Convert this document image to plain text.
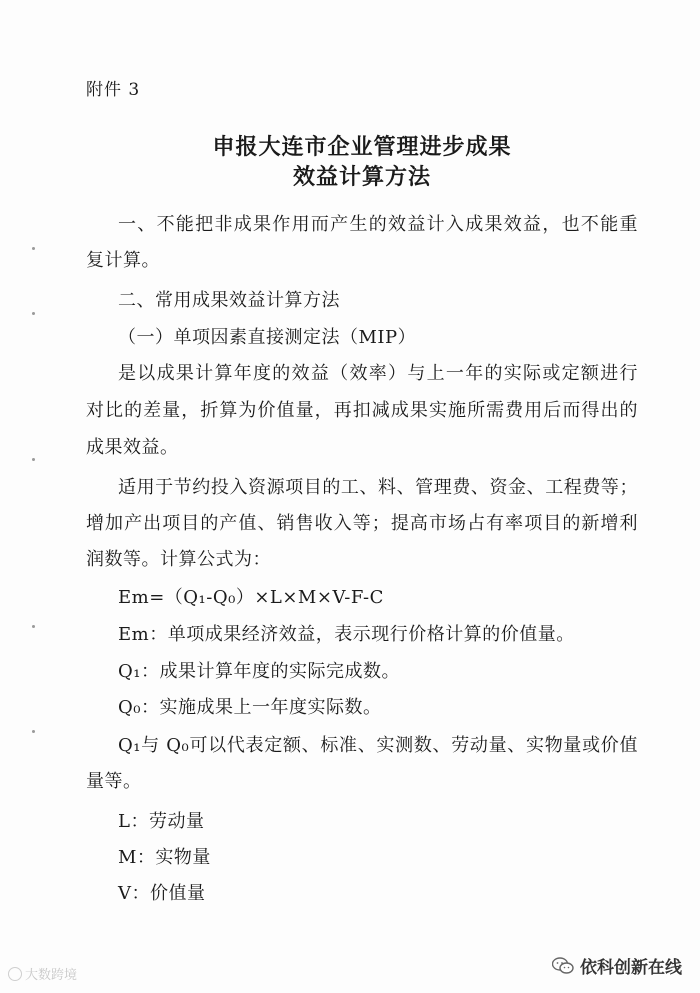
附件 3
申报大连市企业管理进步成果
效益计算方法
一、不能把非成果作用而产生的效益计入成果效益，也不能重
复计算。
二、常用成果效益计算方法
（一）单项因素直接测定法（MIP）
是以成果计算年度的效益（效率）与上一年的实际或定额进行
对比的差量，折算为价值量，再扣减成果实施所需费用后而得出的
成果效益。
适用于节约投入资源项目的工、料、管理费、资金、工程费等；
增加产出项目的产值、销售收入等；提高市场占有率项目的新增利
润数等。计算公式为：
Em=（Q₁-Q₀）×L×M×V-F-C
Em：单项成果经济效益，表示现行价格计算的价值量。
Q₁：成果计算年度的实际完成数。
Q₀：实施成果上一年度实际数。
Q₁与 Q₀可以代表定额、标准、实测数、劳动量、实物量或价值
量等。
L：劳动量
M：实物量
V：价值量
大数跨境	依科创新在线
